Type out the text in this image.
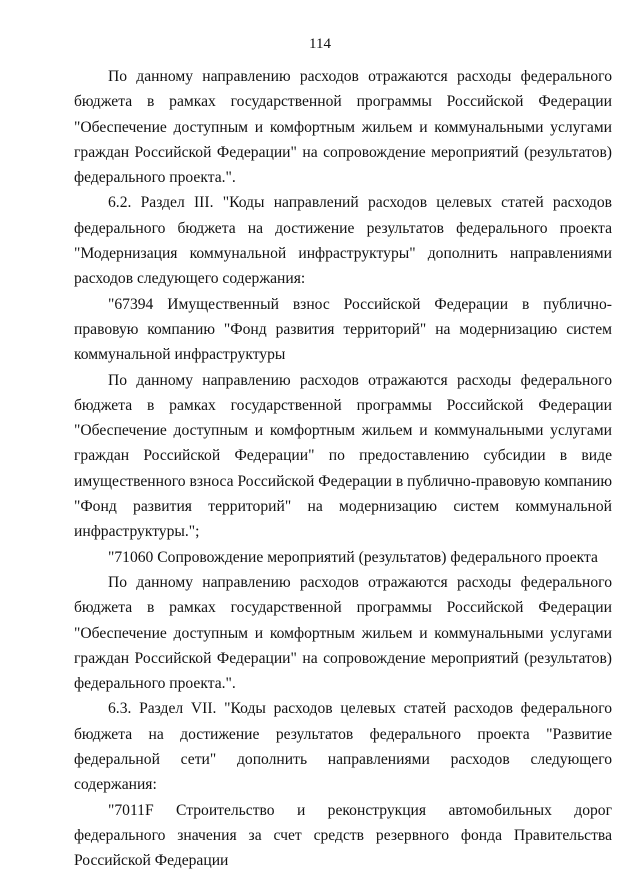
114

По данному направлению расходов отражаются расходы федерального бюджета в рамках государственной программы Российской Федерации "Обеспечение доступным и комфортным жильем и коммунальными услугами граждан Российской Федерации" на сопровождение мероприятий (результатов) федерального проекта.".

6.2. Раздел III. "Коды направлений расходов целевых статей расходов федерального бюджета на достижение результатов федерального проекта "Модернизация коммунальной инфраструктуры" дополнить направлениями расходов следующего содержания:

"67394 Имущественный взнос Российской Федерации в публично-правовую компанию "Фонд развития территорий" на модернизацию систем коммунальной инфраструктуры

По данному направлению расходов отражаются расходы федерального бюджета в рамках государственной программы Российской Федерации "Обеспечение доступным и комфортным жильем и коммунальными услугами граждан Российской Федерации" по предоставлению субсидии в виде имущественного взноса Российской Федерации в публично-правовую компанию "Фонд развития территорий" на модернизацию систем коммунальной инфраструктуры.";

"71060 Сопровождение мероприятий (результатов) федерального проекта

По данному направлению расходов отражаются расходы федерального бюджета в рамках государственной программы Российской Федерации "Обеспечение доступным и комфортным жильем и коммунальными услугами граждан Российской Федерации" на сопровождение мероприятий (результатов) федерального проекта.".

6.3. Раздел VII. "Коды расходов целевых статей расходов федерального бюджета на достижение результатов федерального проекта "Развитие федеральной сети" дополнить направлениями расходов следующего содержания:

"7011F Строительство и реконструкция автомобильных дорог федерального значения за счет средств резервного фонда Правительства Российской Федерации
